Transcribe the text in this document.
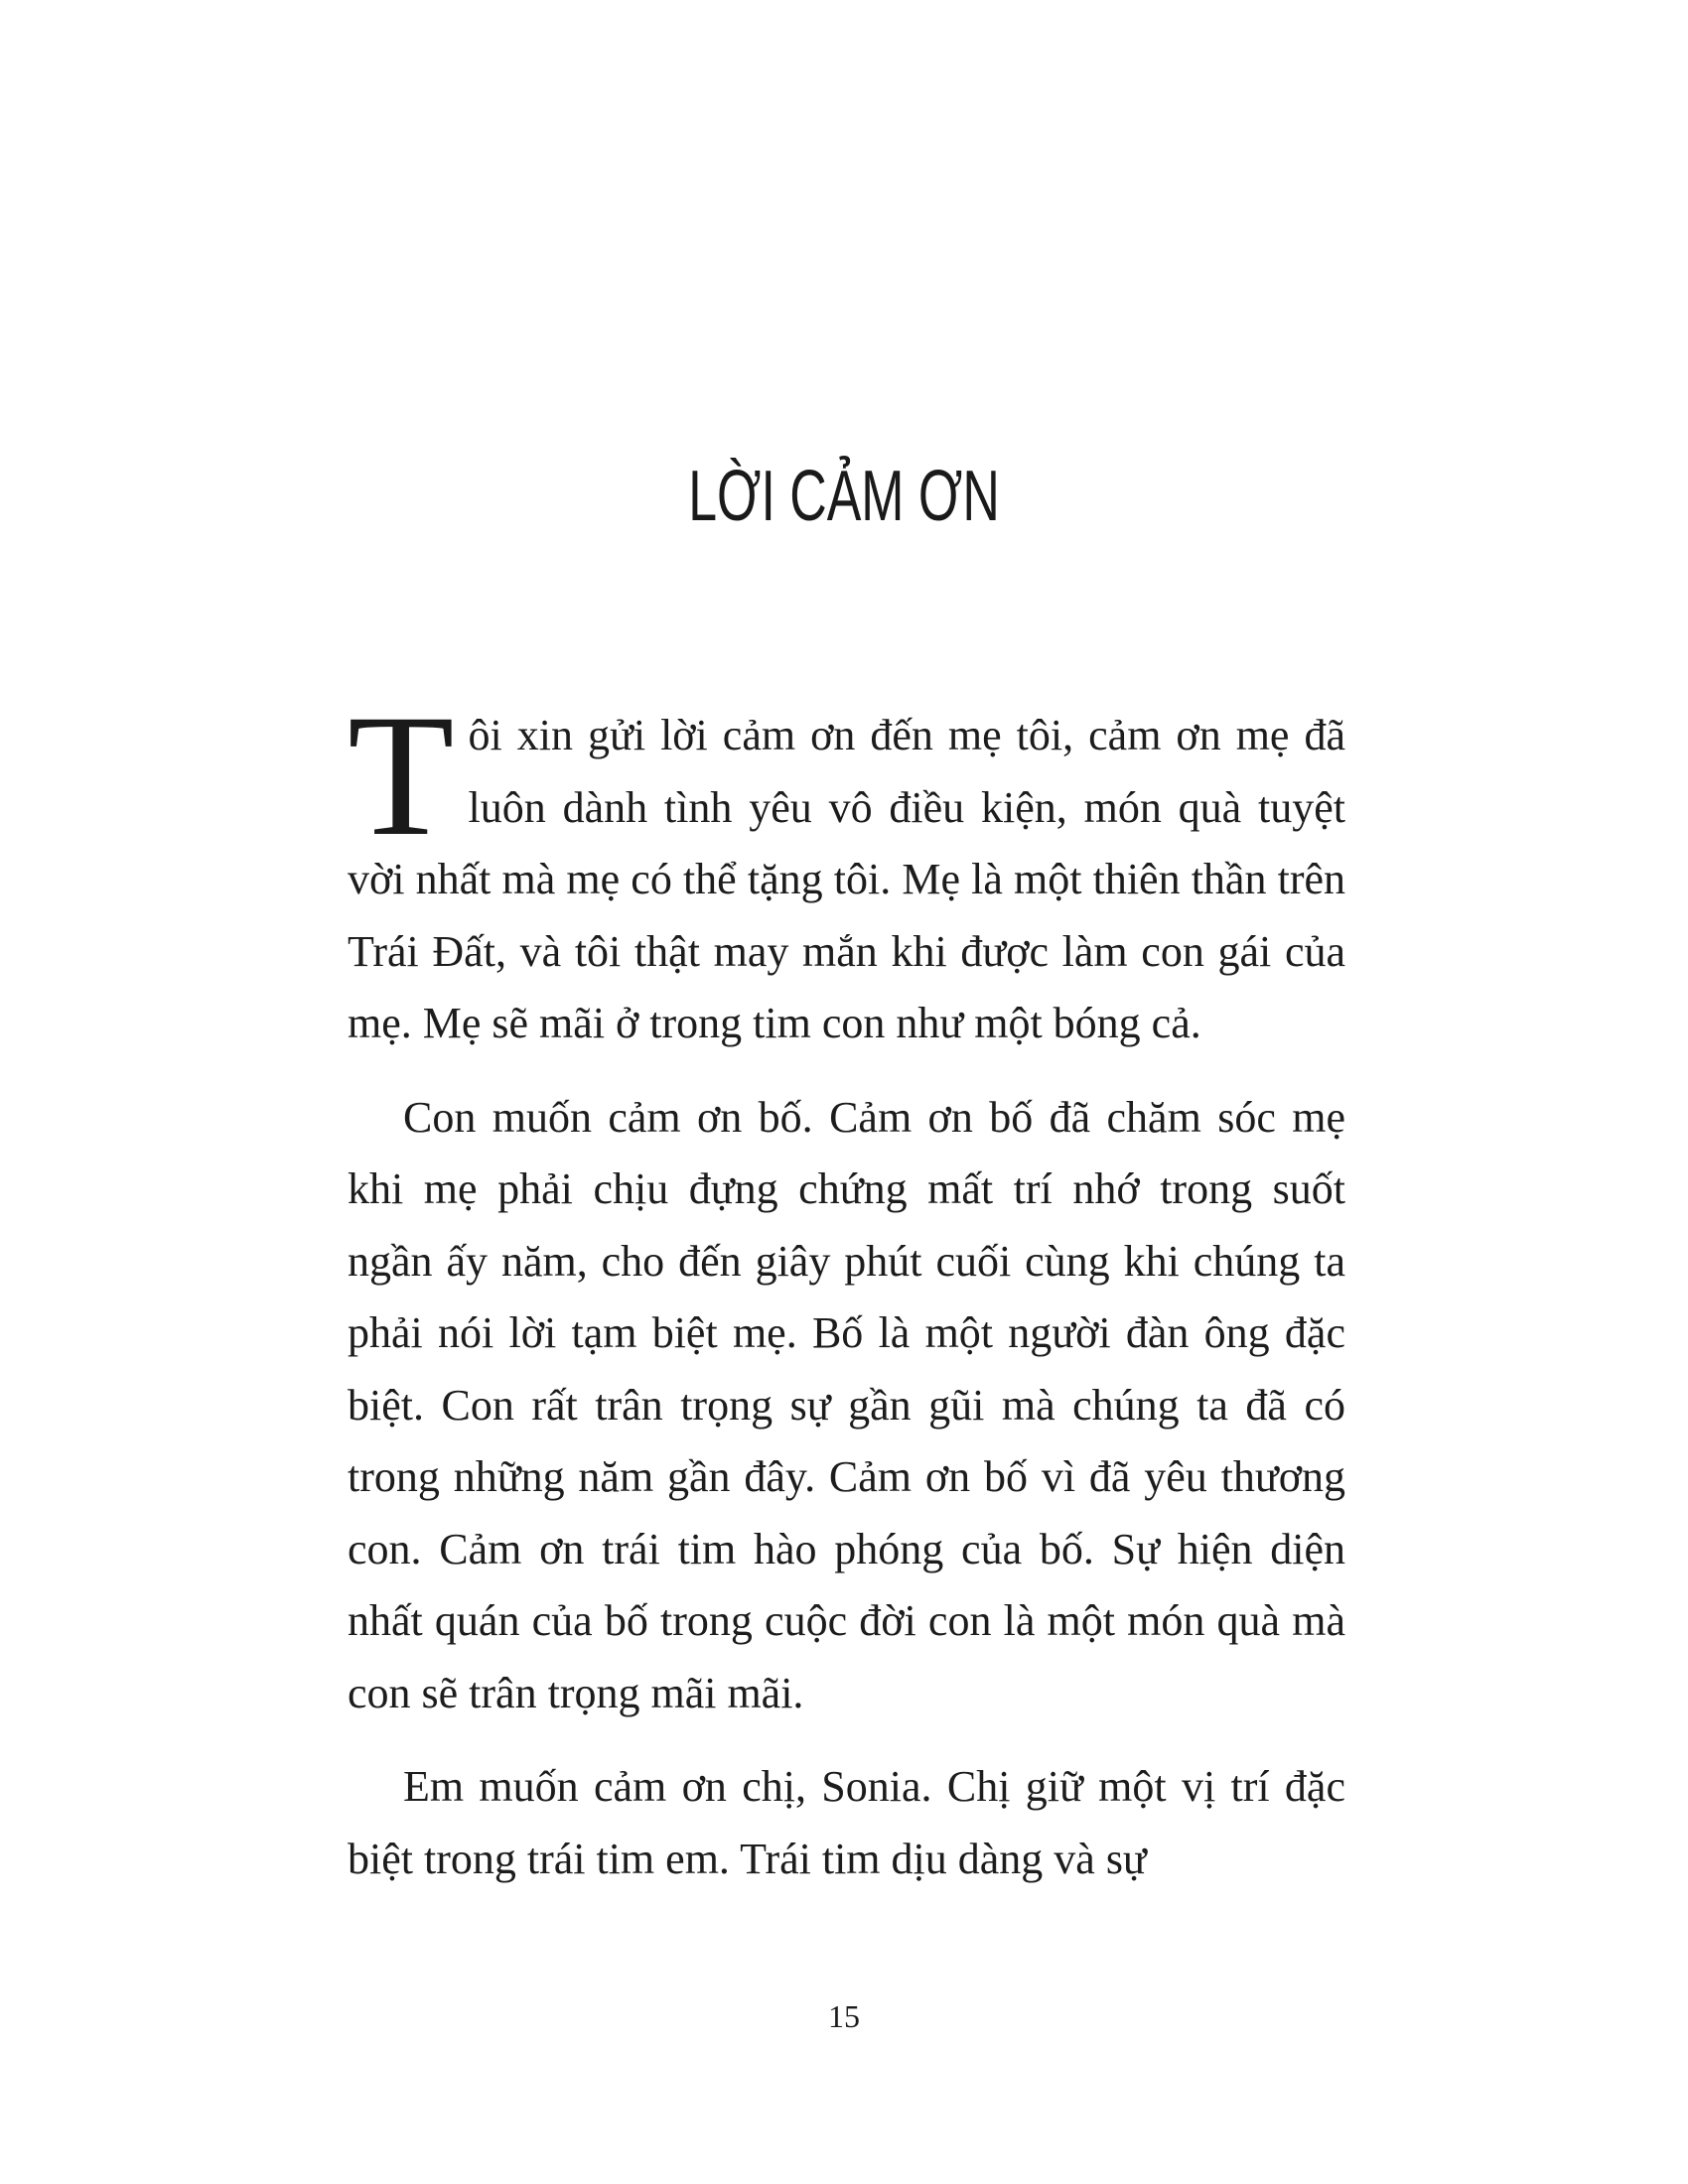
LỜI CẢM ƠN

Tôi xin gửi lời cảm ơn đến mẹ tôi, cảm ơn mẹ đã luôn dành tình yêu vô điều kiện, món quà tuyệt vời nhất mà mẹ có thể tặng tôi. Mẹ là một thiên thần trên Trái Đất, và tôi thật may mắn khi được làm con gái của mẹ. Mẹ sẽ mãi ở trong tim con như một bóng cả.

Con muốn cảm ơn bố. Cảm ơn bố đã chăm sóc mẹ khi mẹ phải chịu đựng chứng mất trí nhớ trong suốt ngần ấy năm, cho đến giây phút cuối cùng khi chúng ta phải nói lời tạm biệt mẹ. Bố là một người đàn ông đặc biệt. Con rất trân trọng sự gần gũi mà chúng ta đã có trong những năm gần đây. Cảm ơn bố vì đã yêu thương con. Cảm ơn trái tim hào phóng của bố. Sự hiện diện nhất quán của bố trong cuộc đời con là một món quà mà con sẽ trân trọng mãi mãi.

Em muốn cảm ơn chị, Sonia. Chị giữ một vị trí đặc biệt trong trái tim em. Trái tim dịu dàng và sự

15
